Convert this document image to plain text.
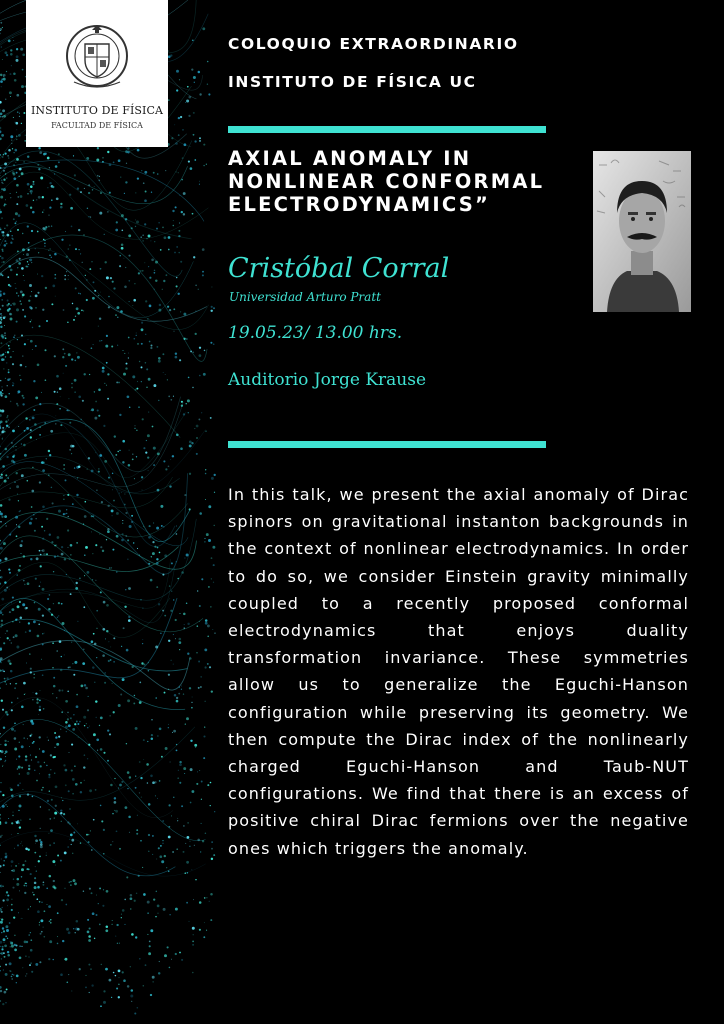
INSTITUTO DE FÍSICA
FACULTAD DE FÍSICA
COLOQUIO EXTRAORDINARIO
INSTITUTO DE FÍSICA UC
AXIAL ANOMALY IN
NONLINEAR CONFORMAL
ELECTRODYNAMICS”
Cristóbal Corral
Universidad Arturo Pratt
19.05.23/ 13.00 hrs.
Auditorio Jorge Krause

In this talk, we present the axial anomaly of Dirac spinors on gravitational instanton backgrounds in the context of nonlinear electrodynamics. In order to do so, we consider Einstein gravity minimally coupled to a recently proposed conformal electrodynamics that enjoys duality transformation invariance. These symmetries allow us to generalize the Eguchi-Hanson configuration while preserving its geometry. We then compute the Dirac index of the nonlinearly charged Eguchi-Hanson and Taub-NUT configurations. We find that there is an excess of positive chiral Dirac fermions over the negative ones which triggers the anomaly.
